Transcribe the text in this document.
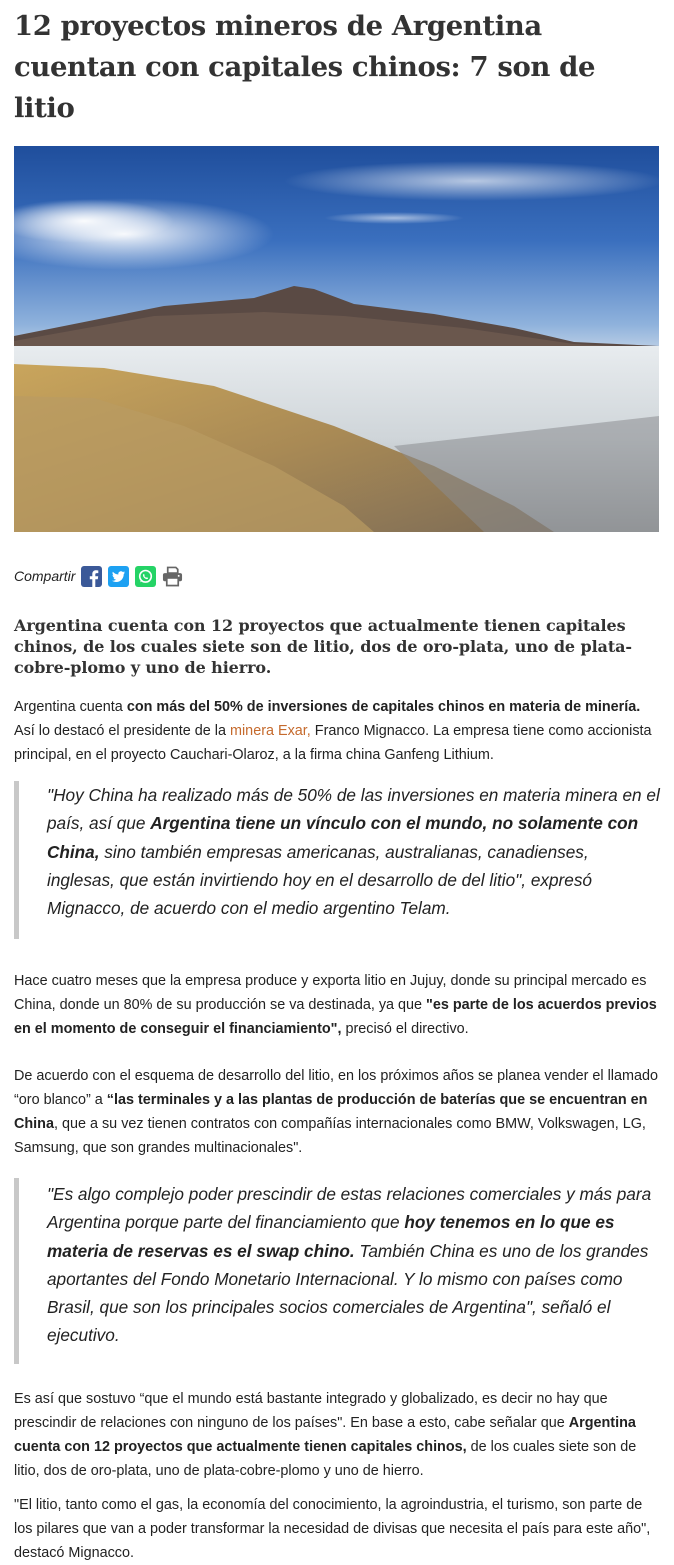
12 proyectos mineros de Argentina cuentan con capitales chinos: 7 son de litio
Compartir

Argentina cuenta con 12 proyectos que actualmente tienen capitales chinos, de los cuales siete son de litio, dos de oro-plata, uno de plata-cobre-plomo y uno de hierro.

Argentina cuenta con más del 50% de inversiones de capitales chinos en materia de minería. Así lo destacó el presidente de la minera Exar, Franco Mignacco. La empresa tiene como accionista principal, en el proyecto Cauchari-Olaroz, a la firma china Ganfeng Lithium.

"Hoy China ha realizado más de 50% de las inversiones en materia minera en el país, así que Argentina tiene un vínculo con el mundo, no solamente con China, sino también empresas americanas, australianas, canadienses, inglesas, que están invirtiendo hoy en el desarrollo de del litio", expresó Mignacco, de acuerdo con el medio argentino Telam.

Hace cuatro meses que la empresa produce y exporta litio en Jujuy, donde su principal mercado es China, donde un 80% de su producción se va destinada, ya que "es parte de los acuerdos previos en el momento de conseguir el financiamiento", precisó el directivo.

De acuerdo con el esquema de desarrollo del litio, en los próximos años se planea vender el llamado “oro blanco” a “las terminales y a las plantas de producción de baterías que se encuentran en China, que a su vez tienen contratos con compañías internacionales como BMW, Volkswagen, LG, Samsung, que son grandes multinacionales".

"Es algo complejo poder prescindir de estas relaciones comerciales y más para Argentina porque parte del financiamiento que hoy tenemos en lo que es materia de reservas es el swap chino. También China es uno de los grandes aportantes del Fondo Monetario Internacional. Y lo mismo con países como Brasil, que son los principales socios comerciales de Argentina", señaló el ejecutivo.

Es así que sostuvo “que el mundo está bastante integrado y globalizado, es decir no hay que prescindir de relaciones con ninguno de los países". En base a esto, cabe señalar que Argentina cuenta con 12 proyectos que actualmente tienen capitales chinos, de los cuales siete son de litio, dos de oro-plata, uno de plata-cobre-plomo y uno de hierro.

"El litio, tanto como el gas, la economía del conocimiento, la agroindustria, el turismo, son parte de los pilares que van a poder transformar la necesidad de divisas que necesita el país para este año", destacó Mignacco.
